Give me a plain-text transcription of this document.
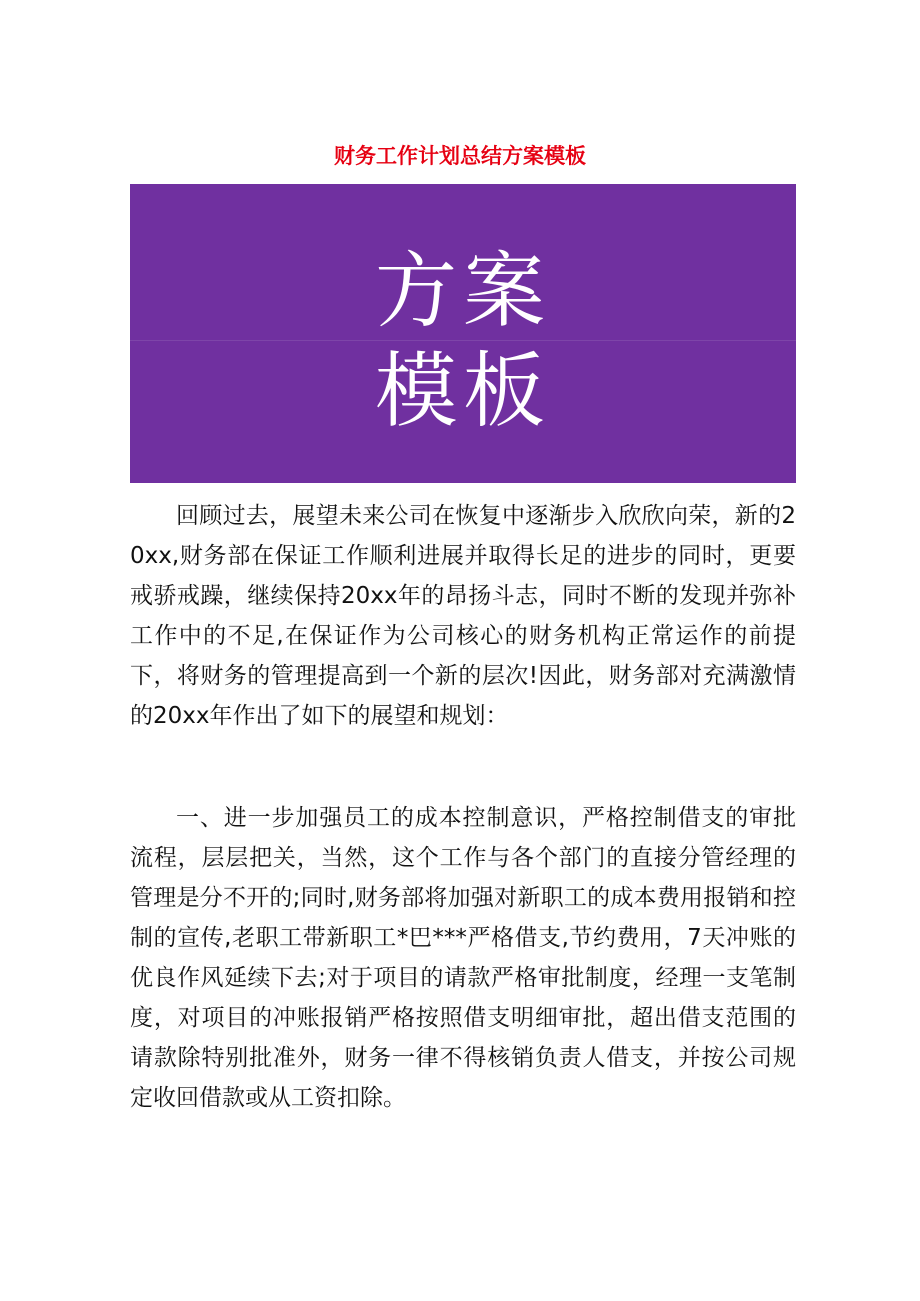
财务工作计划总结方案模板
方案
模板

回顾过去，展望未来公司在恢复中逐渐步入欣欣向荣，新的20xx,财务部在保证工作顺利进展并取得长足的进步的同时，更要戒骄戒躁，继续保持20xx年的昂扬斗志，同时不断的发现并弥补工作中的不足,在保证作为公司核心的财务机构正常运作的前提下，将财务的管理提高到一个新的层次!因此，财务部对充满激情的20xx年作出了如下的展望和规划：

一、进一步加强员工的成本控制意识，严格控制借支的审批流程，层层把关，当然，这个工作与各个部门的直接分管经理的管理是分不开的;同时,财务部将加强对新职工的成本费用报销和控制的宣传,老职工带新职工*巴***严格借支,节约费用，7天冲账的优良作风延续下去;对于项目的请款严格审批制度，经理一支笔制度，对项目的冲账报销严格按照借支明细审批，超出借支范围的请款除特别批准外，财务一律不得核销负责人借支，并按公司规定收回借款或从工资扣除。
